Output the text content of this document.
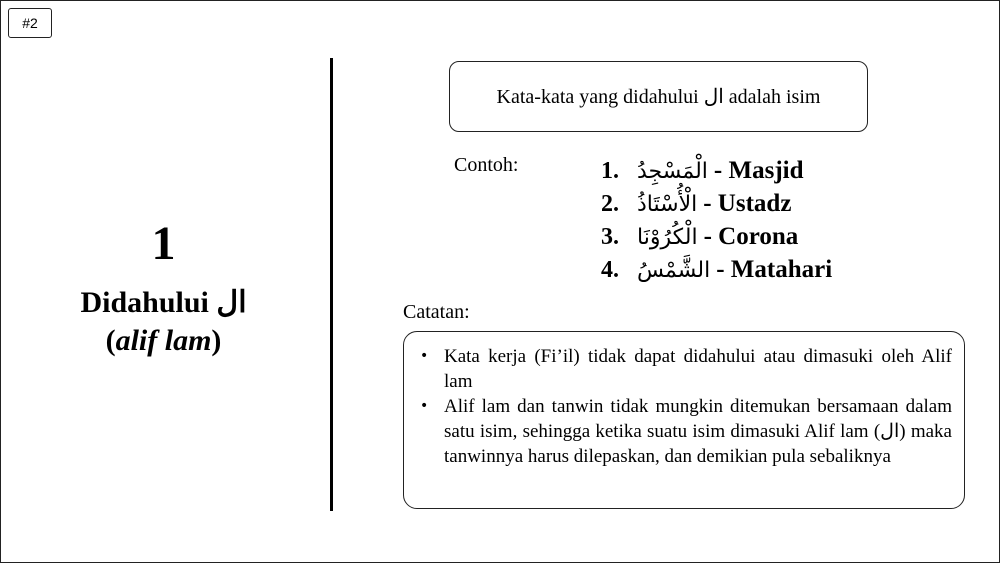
#2
1
Didahului ال
(alif lam)
Kata-kata yang didahului ال adalah isim
Contoh:	1. الْمَسْجِدُ - Masjid
2. الْأُسْتَاذُ - Ustadz
3. الْكُرُوْنَا - Corona
4. الشَّمْسُ - Matahari
Catatan:
• Kata kerja (Fi’il) tidak dapat didahului atau dimasuki oleh Alif lam
• Alif lam dan tanwin tidak mungkin ditemukan bersamaan dalam satu isim, sehingga ketika suatu isim dimasuki Alif lam (ال) maka tanwinnya harus dilepaskan, dan demikian pula sebaliknya
